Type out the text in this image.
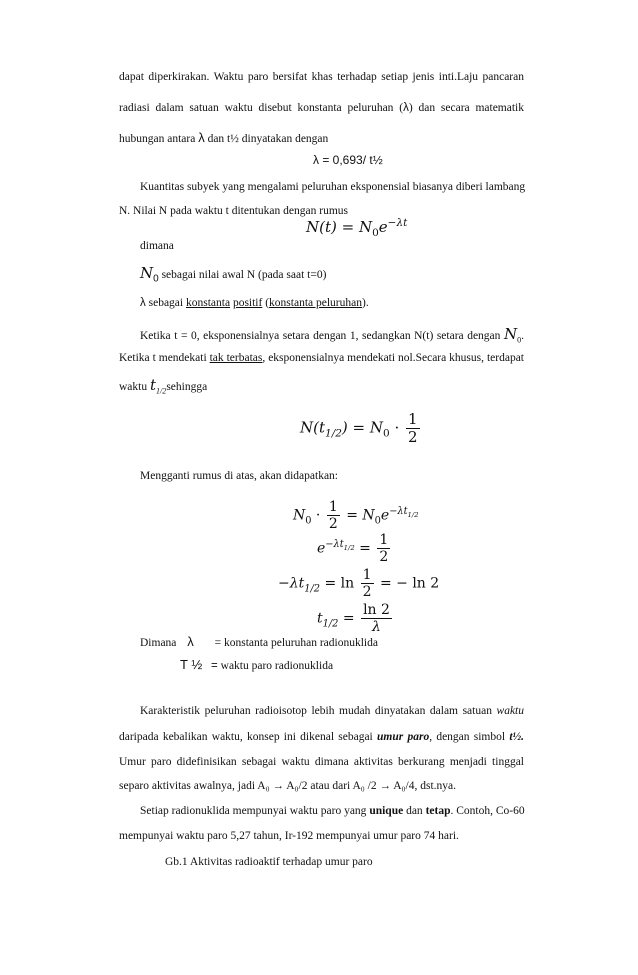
dapat diperkirakan. Waktu paro bersifat khas terhadap setiap jenis inti.Laju pancaran
radiasi dalam satuan waktu disebut konstanta peluruhan (λ) dan secara matematik
hubungan antara λ dan t½ dinyatakan dengan
λ = 0,693/ t½
Kuantitas subyek yang mengalami peluruhan eksponensial biasanya diberi lambang
N. Nilai N pada waktu t ditentukan dengan rumus
$N(t) = N_0e^{-\lambda t}$
dimana
$N_0$ sebagai nilai awal N (pada saat t=0)
λ sebagai konstanta positif (konstanta peluruhan).
Ketika t = 0, eksponensialnya setara dengan 1, sedangkan N(t) setara dengan $N_0$.
Ketika t mendekati tak terbatas, eksponensialnya mendekati nol.Secara khusus, terdapat
waktu $t_{1/2}sehingga$
$N(t_{1/2}) = N_0 \cdot \frac{1}{2}$
Mengganti rumus di atas, akan didapatkan:
$N_0 \cdot \frac{1}{2} = N_0e^{-\lambda t_{1/2}}$
$e^{-\lambda t_{1/2}} = \frac{1}{2}$
$-\lambda t_{1/2} = \ln \frac{1}{2}$ = − ln 2
$t_{1/2} = \frac{\ln 2}{\lambda}$
Dimana λ = konstanta peluruhan radionuklida
T ½ = waktu paro radionuklida
Karakteristik peluruhan radioisotop lebih mudah dinyatakan dalam satuan waktu
daripada kebalikan waktu, konsep ini dikenal sebagai umur paro, dengan simbol t½.
Umur paro didefinisikan sebagai waktu dimana aktivitas berkurang menjadi tinggal
separo aktivitas awalnya, jadi A₀ → A₀/2 atau dari A₀ /2 → A₀/4, dst.nya.
Setiap radionuklida mempunyai waktu paro yang unique dan tetap. Contoh, Co-60
mempunyai waktu paro 5,27 tahun, Ir-192 mempunyai umur paro 74 hari.
Gb.1 Aktivitas radioaktif terhadap umur paro
